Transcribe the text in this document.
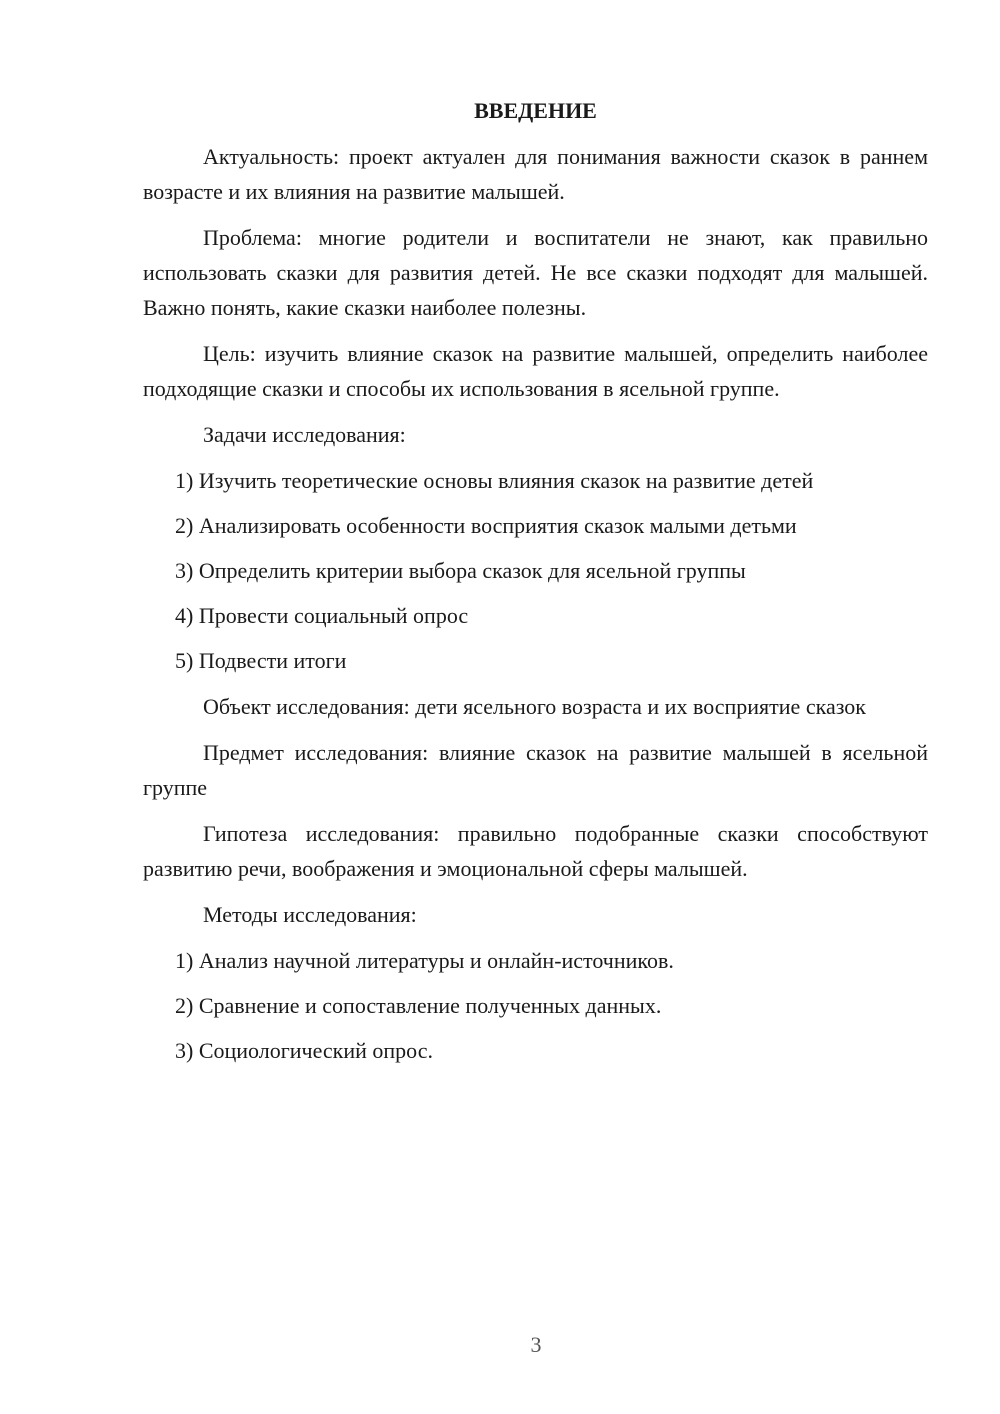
ВВЕДЕНИЕ

Актуальность: проект актуален для понимания важности сказок в раннем возрасте и их влияния на развитие малышей.

Проблема: многие родители и воспитатели не знают, как правильно использовать сказки для развития детей. Не все сказки подходят для малышей. Важно понять, какие сказки наиболее полезны.

Цель: изучить влияние сказок на развитие малышей, определить наиболее подходящие сказки и способы их использования в ясельной группе.

Задачи исследования:

1) Изучить теоретические основы влияния сказок на развитие детей
2) Анализировать особенности восприятия сказок малыми детьми
3) Определить критерии выбора сказок для ясельной группы
4) Провести социальный опрос
5) Подвести итоги

Объект исследования: дети ясельного возраста и их восприятие сказок

Предмет исследования: влияние сказок на развитие малышей в ясельной группе

Гипотеза исследования: правильно подобранные сказки способствуют развитию речи, воображения и эмоциональной сферы малышей.

Методы исследования:

1) Анализ научной литературы и онлайн-источников.
2) Сравнение и сопоставление полученных данных.
3) Социологический опрос.
3
